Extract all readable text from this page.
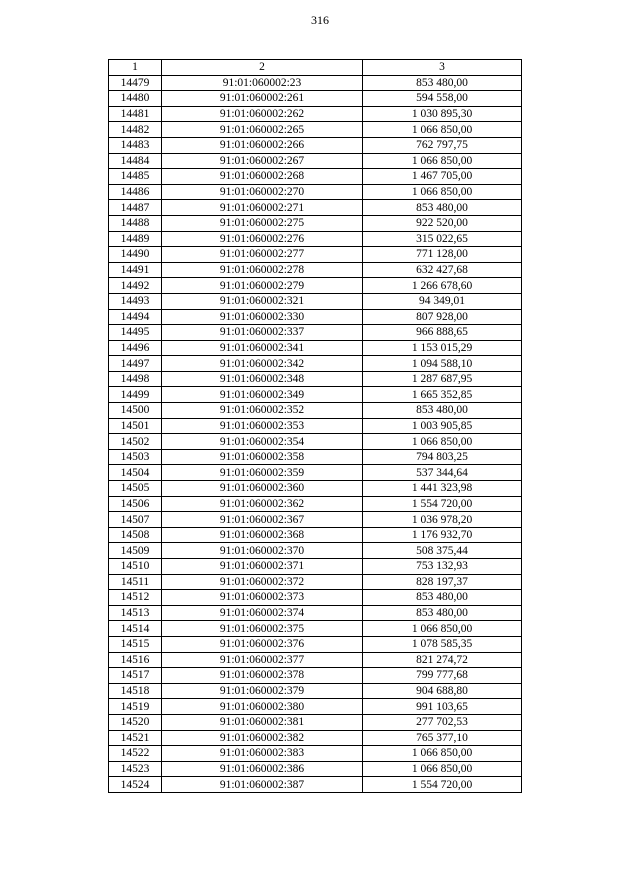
316
1	2	3
14479	91:01:060002:23	853 480,00
14480	91:01:060002:261	594 558,00
14481	91:01:060002:262	1 030 895,30
14482	91:01:060002:265	1 066 850,00
14483	91:01:060002:266	762 797,75
14484	91:01:060002:267	1 066 850,00
14485	91:01:060002:268	1 467 705,00
14486	91:01:060002:270	1 066 850,00
14487	91:01:060002:271	853 480,00
14488	91:01:060002:275	922 520,00
14489	91:01:060002:276	315 022,65
14490	91:01:060002:277	771 128,00
14491	91:01:060002:278	632 427,68
14492	91:01:060002:279	1 266 678,60
14493	91:01:060002:321	94 349,01
14494	91:01:060002:330	807 928,00
14495	91:01:060002:337	966 888,65
14496	91:01:060002:341	1 153 015,29
14497	91:01:060002:342	1 094 588,10
14498	91:01:060002:348	1 287 687,95
14499	91:01:060002:349	1 665 352,85
14500	91:01:060002:352	853 480,00
14501	91:01:060002:353	1 003 905,85
14502	91:01:060002:354	1 066 850,00
14503	91:01:060002:358	794 803,25
14504	91:01:060002:359	537 344,64
14505	91:01:060002:360	1 441 323,98
14506	91:01:060002:362	1 554 720,00
14507	91:01:060002:367	1 036 978,20
14508	91:01:060002:368	1 176 932,70
14509	91:01:060002:370	508 375,44
14510	91:01:060002:371	753 132,93
14511	91:01:060002:372	828 197,37
14512	91:01:060002:373	853 480,00
14513	91:01:060002:374	853 480,00
14514	91:01:060002:375	1 066 850,00
14515	91:01:060002:376	1 078 585,35
14516	91:01:060002:377	821 274,72
14517	91:01:060002:378	799 777,68
14518	91:01:060002:379	904 688,80
14519	91:01:060002:380	991 103,65
14520	91:01:060002:381	277 702,53
14521	91:01:060002:382	765 377,10
14522	91:01:060002:383	1 066 850,00
14523	91:01:060002:386	1 066 850,00
14524	91:01:060002:387	1 554 720,00
